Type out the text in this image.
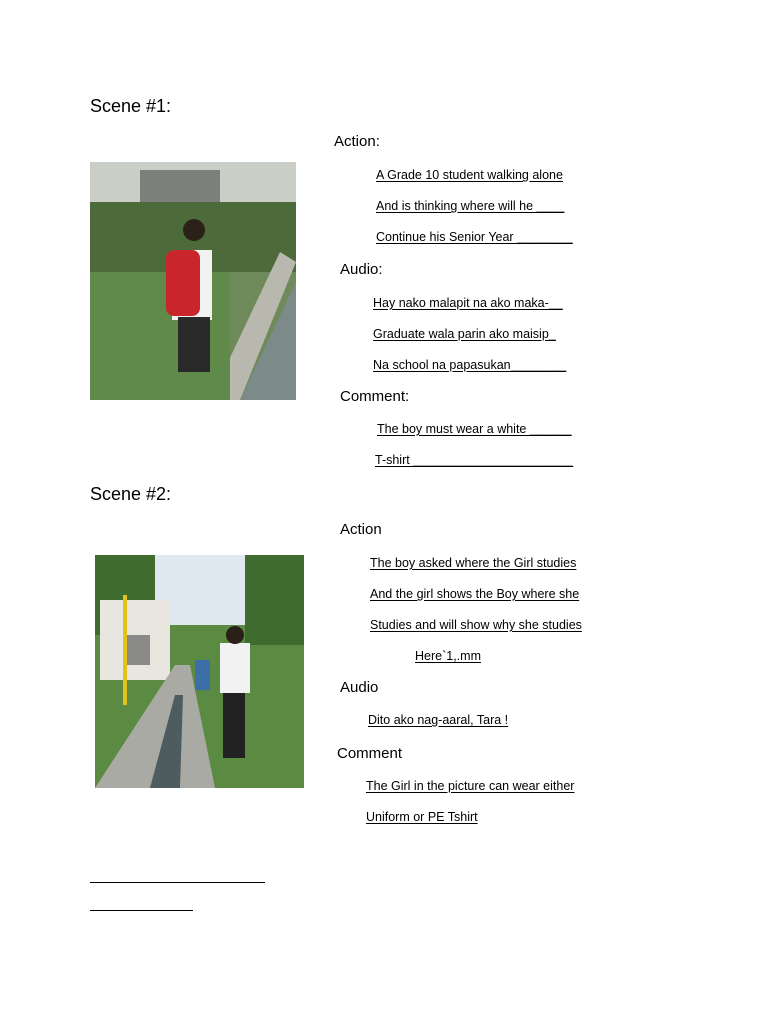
Scene #1:
Action:
A Grade 10 student walking alone
And is thinking where will he ____
Continue his Senior Year ________
Audio:
Hay nako malapit na ako maka-__
Graduate wala parin ako maisip_
Na school na papasukan________
Comment:
The boy must wear a white ______
T-shirt _______________________
Scene #2:
Action
The boy asked where the Girl studies
And the girl shows the Boy where she
Studies and will show why she studies
Here`1,.mm
Audio
Dito ako nag-aaral, Tara !
Comment
The Girl in the picture can wear either
Uniform or PE Tshirt
